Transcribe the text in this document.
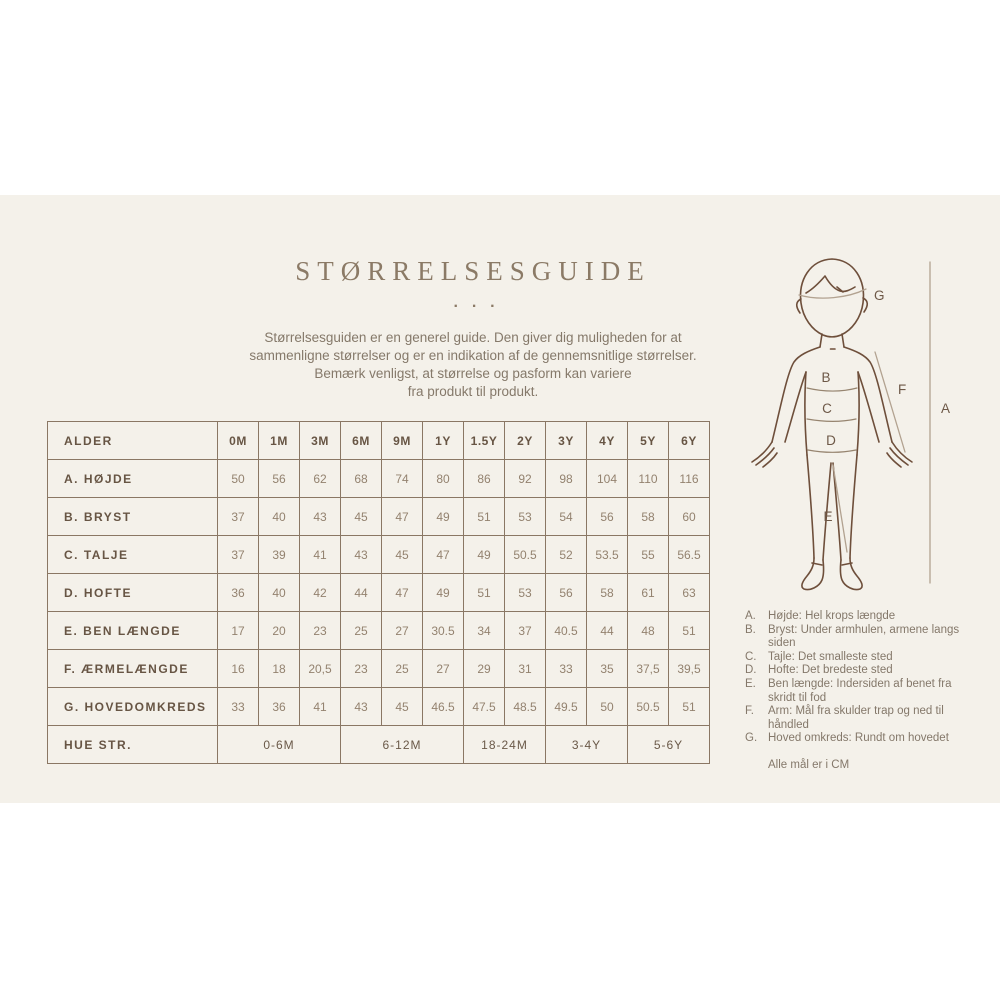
STØRRELSESGUIDE
···
Størrelsesguiden er en generel guide. Den giver dig muligheden for at
sammenligne størrelser og er en indikation af de gennemsnitlige størrelser.
Bemærk venligst, at størrelse og pasform kan variere
fra produkt til produkt.
ALDER	0M	1M	3M	6M	9M	1Y	1.5Y	2Y	3Y	4Y	5Y	6Y
A. HØJDE	50	56	62	68	74	80	86	92	98	104	110	116
B. BRYST	37	40	43	45	47	49	51	53	54	56	58	60
C. TALJE	37	39	41	43	45	47	49	50.5	52	53.5	55	56.5
D. HOFTE	36	40	42	44	47	49	51	53	56	58	61	63
E. BEN LÆNGDE	17	20	23	25	27	30.5	34	37	40.5	44	48	51
F. ÆRMELÆNGDE	16	18	20,5	23	25	27	29	31	33	35	37,5	39,5
G. HOVEDOMKREDS	33	36	41	43	45	46.5	47.5	48.5	49.5	50	50.5	51
HUE STR.	0-6M			6-12M			18-24M		3-4Y		5-6Y	
G
B
C
D
E
F
A
A.	Højde: Hel krops længde
B.	Bryst: Under armhulen, armene langs siden
C.	Tajle: Det smalleste sted
D.	Hofte: Det bredeste sted
E.	Ben længde: Indersiden af benet fra skridt til fod
F.	Arm: Mål fra skulder trap og ned til håndled
G. Hoved omkreds: Rundt om hovedet
Alle mål er i CM
